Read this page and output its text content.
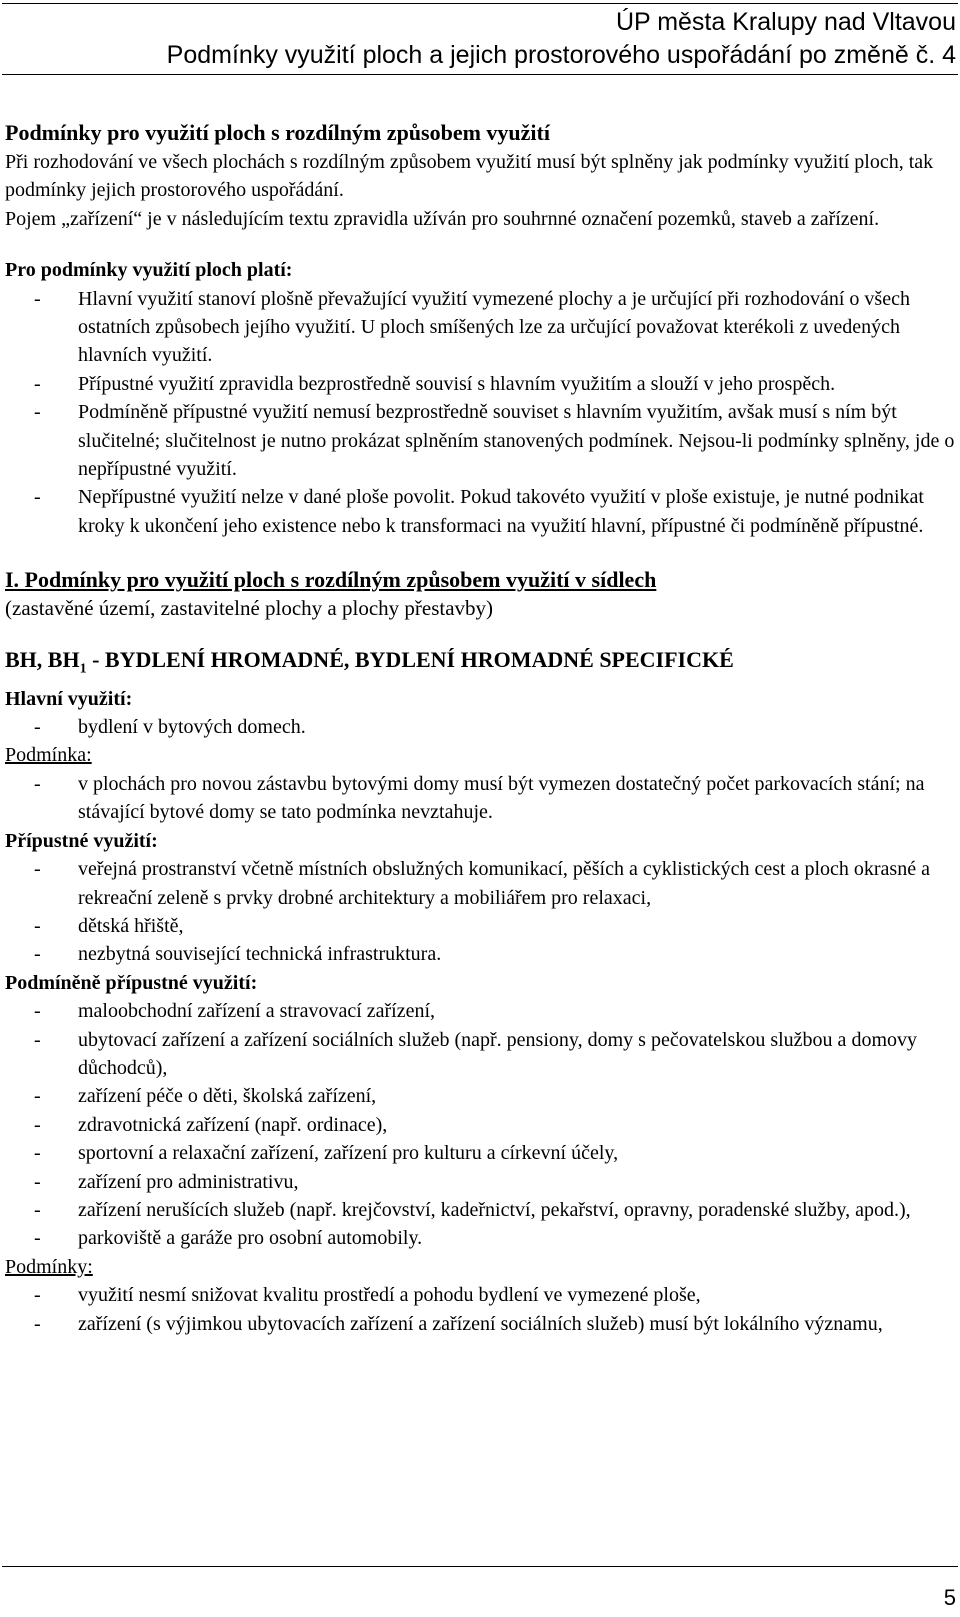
ÚP města Kralupy nad Vltavou
Podmínky využití ploch a jejich prostorového uspořádání po změně č. 4
Podmínky pro využití ploch s rozdílným způsobem využití
Při rozhodování ve všech plochách s rozdílným způsobem využití musí být splněny jak podmínky využití ploch, tak podmínky jejich prostorového uspořádání.
Pojem „zařízení“ je v následujícím textu zpravidla užíván pro souhrnné označení pozemků, staveb a zařízení.
Pro podmínky využití ploch platí:
- Hlavní využití stanoví plošně převažující využití vymezené plochy a je určující při rozhodování o všech ostatních způsobech jejího využití. U ploch smíšených lze za určující považovat kterékoli z uvedených hlavních využití.
- Přípustné využití zpravidla bezprostředně souvisí s hlavním využitím a slouží v jeho prospěch.
- Podmíněně přípustné využití nemusí bezprostředně souviset s hlavním využitím, avšak musí s ním být slučitelné; slučitelnost je nutno prokázat splněním stanovených podmínek. Nejsou-li podmínky splněny, jde o nepřípustné využití.
- Nepřípustné využití nelze v dané ploše povolit. Pokud takovéto využití v ploše existuje, je nutné podnikat kroky k ukončení jeho existence nebo k transformaci na využití hlavní, přípustné či podmíněně přípustné.
I. Podmínky pro využití ploch s rozdílným způsobem využití v sídlech
(zastavěné území, zastavitelné plochy a plochy přestavby)
BH, $BH_1$ - BYDLENÍ HROMADNÉ, BYDLENÍ HROMADNÉ SPECIFICKÉ
Hlavní využití:
- bydlení v bytových domech.
Podmínka:
- v plochách pro novou zástavbu bytovými domy musí být vymezen dostatečný počet parkovacích stání; na stávající bytové domy se tato podmínka nevztahuje.
Přípustné využití:
- veřejná prostranství včetně místních obslužných komunikací, pěších a cyklistických cest a ploch okrasné a rekreační zeleně s prvky drobné architektury a mobiliářem pro relaxaci,
- dětská hřiště,
- nezbytná související technická infrastruktura.
Podmíněně přípustné využití:
- maloobchodní zařízení a stravovací zařízení,
- ubytovací zařízení a zařízení sociálních služeb (např. pensiony, domy s pečovatelskou službou a domovy důchodců),
- zařízení péče o děti, školská zařízení,
- zdravotnická zařízení (např. ordinace),
- sportovní a relaxační zařízení, zařízení pro kulturu a církevní účely,
- zařízení pro administrativu,
- zařízení nerušících služeb (např. krejčovství, kadeřnictví, pekařství, opravny, poradenské služby, apod.),
- parkoviště a garáže pro osobní automobily.
Podmínky:
- využití nesmí snižovat kvalitu prostředí a pohodu bydlení ve vymezené ploše,
- zařízení (s výjimkou ubytovacích zařízení a zařízení sociálních služeb) musí být lokálního významu,
5
